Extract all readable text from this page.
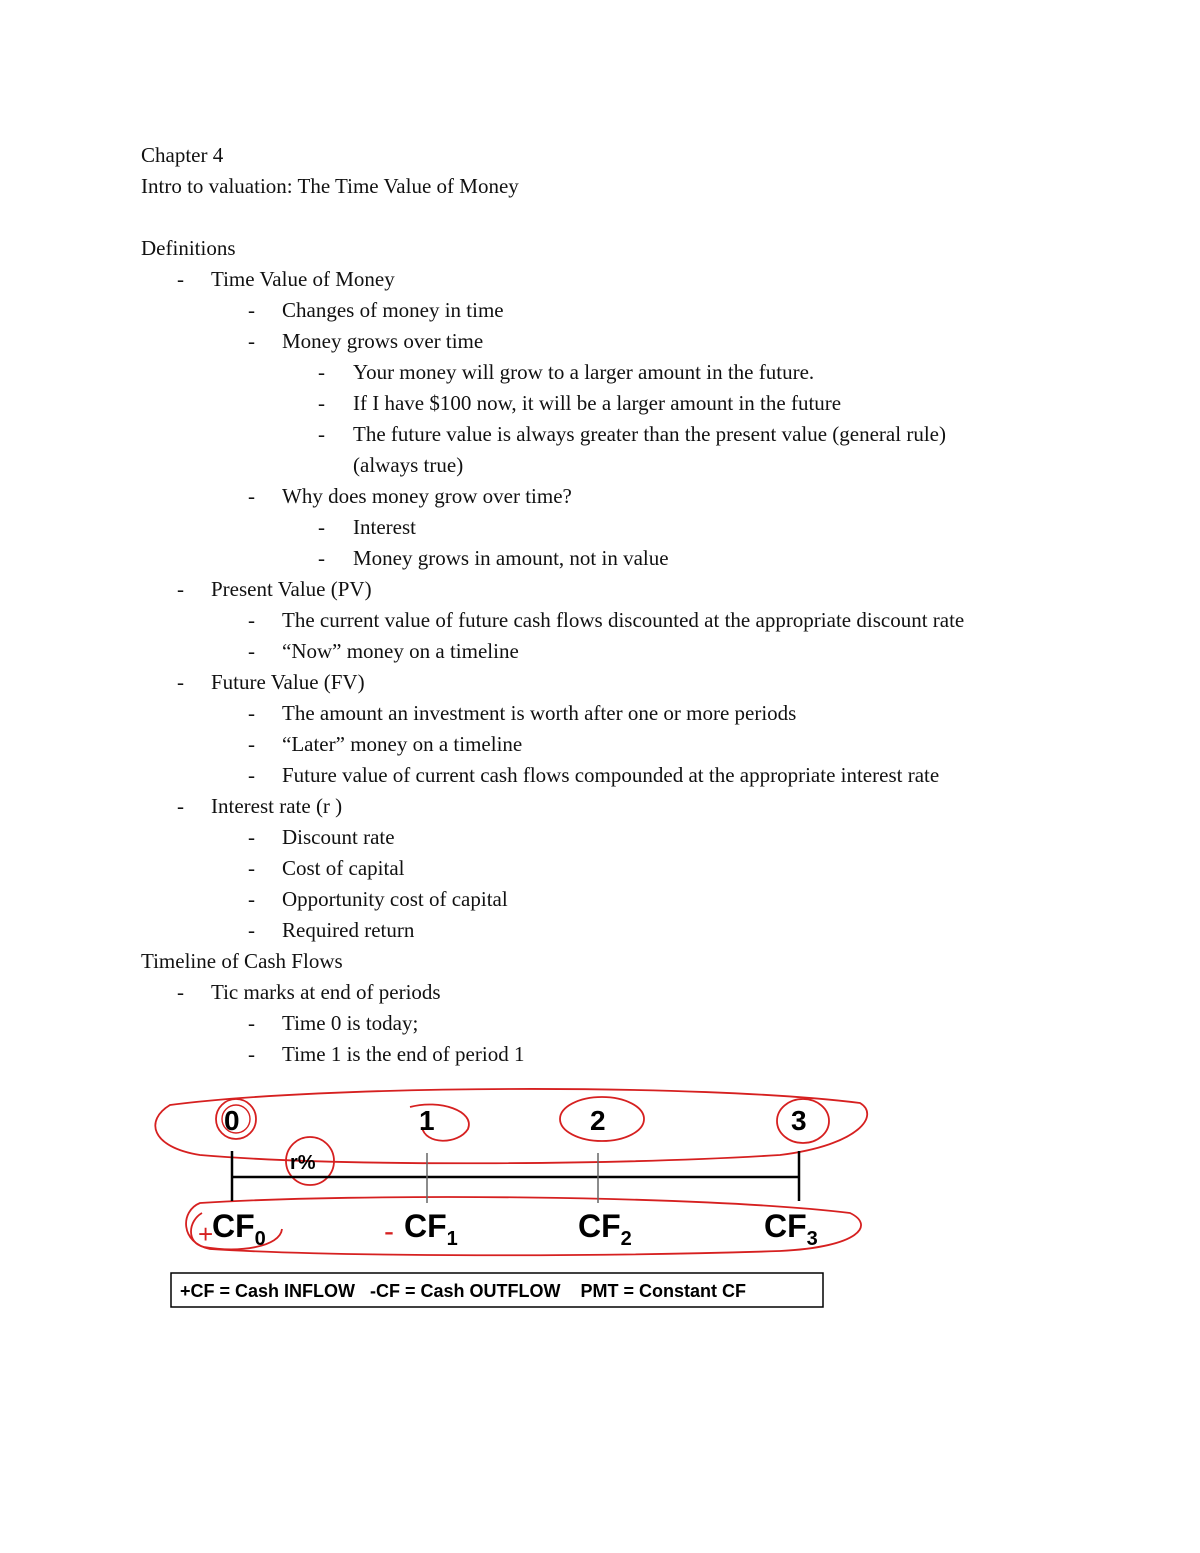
Chapter 4
Intro to valuation: The Time Value of Money
Definitions
- Time Value of Money
- Changes of money in time
- Money grows over time
- Your money will grow to a larger amount in the future.
- If I have $100 now, it will be a larger amount in the future
- The future value is always greater than the present value (general rule)
(always true)
- Why does money grow over time?
- Interest
- Money grows in amount, not in value
- Present Value (PV)
- The current value of future cash flows discounted at the appropriate discount rate
- “Now” money on a timeline
- Future Value (FV)
- The amount an investment is worth after one or more periods
- “Later” money on a timeline
- Future value of current cash flows compounded at the appropriate interest rate
- Interest rate (r )
- Discount rate
- Cost of capital
- Opportunity cost of capital
- Required return
Timeline of Cash Flows
- Tic marks at end of periods
- Time 0 is today;
- Time 1 is the end of period 1
0	1	2	3
r%
$CF_0$	$CF_1$	$CF_2$	$CF_3$
+	-
+CF = Cash INFLOW   -CF = Cash OUTFLOW    PMT = Constant CF
